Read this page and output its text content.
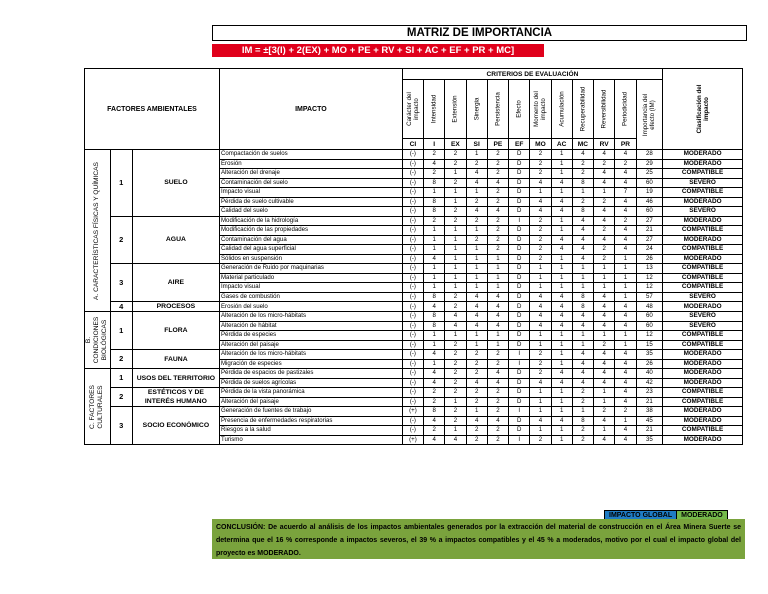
MATRIZ DE IMPORTANCIA
IM = ±[3(I) + 2(EX) + MO + PE + RV + SI + AC + EF + PR + MC]
FACTORES AMBIENTALES			IMPACTO	CRITERIOS DE EVALUACIÓN												Clasificación del impacto

				Carácter del impacto	Intensidad	Extensión	Sinergia	Persistencia	Efecto	Momento del impacto	Acumulación	Recuperabilidad	Reversibilidad	Periodicidad	Importancia del efecto (IM)	

				CI	I	EX	SI	PE	EF	MO	AC	MC	RV	PR		

A. CARACTERÍSTICAS FÍSICAS Y QUÍMICAS	1	SUELO	Compactación de suelos	(-)	2	2	1	2	D	2	1	4	4	4	28	MODERADO
			Erosión	(-)	4	2	2	2	D	2	1	2	2	2	29	MODERADO
			Alteración del drenaje	(-)	2	1	4	2	D	2	1	2	4	4	25	COMPATIBLE
			Contaminación del suelo	(-)	8	2	4	4	D	4	4	8	4	4	60	SEVERO
			Impacto visual	(-)	1	1	1	2	D	1	1	1	1	7	19	COMPATIBLE
			Pérdida de suelo cultivable	(-)	8	1	2	2	D	4	4	2	2	4	46	MODERADO
			Calidad del suelo	(-)	8	2	4	4	D	4	4	8	4	4	60	SEVERO
	2	AGUA	Modificación de la hidrología	(-)	2	2	2	2	I	2	1	4	4	2	27	MODERADO
			Modificación de las propiedades	(-)	1	1	1	2	D	2	1	4	2	4	21	COMPATIBLE
			Contaminación del agua	(-)	1	1	2	2	D	2	4	4	4	4	27	MODERADO
			Calidad del agua superficial	(-)	1	1	1	2	D	2	4	4	2	4	24	COMPATIBLE
			Sólidos en suspensión	(-)	4	1	1	1	D	2	1	4	2	1	26	MODERADO
	3	AIRE	Generación de Ruido por maquinarias	(-)	1	1	1	1	D	1	1	1	1	1	13	COMPATIBLE
			Material particulado	(-)	1	1	1	1	D	1	1	1	1	1	12	COMPATIBLE
			Impacto visual	(-)	1	1	1	1	D	1	1	1	1	1	12	COMPATIBLE
			Gases de combustión	(-)	8	2	4	4	D	4	4	8	4	1	57	SEVERO
	4	PROCESOS	Erosión del suelo	(-)	4	2	4	4	D	4	4	8	4	4	48	MODERADO

B. CONDICIONES BIOLÓGICAS	1	FLORA	Alteración de los micro-hábitats	(-)	8	4	4	4	D	4	4	4	4	4	60	SEVERO
			Alteración de hábitat	(-)	8	4	4	4	D	4	4	4	4	4	60	SEVERO
			Pérdida de especies	(-)	1	1	1	1	D	1	1	1	1	1	12	COMPATIBLE
			Alteración del paisaje	(-)	1	2	1	1	D	1	1	1	2	1	15	COMPATIBLE
	2	FAUNA	Alteración de los micro-hábitats	(-)	4	2	2	2	I	2	1	4	4	4	35	MODERADO
			Migración de especies	(-)	1	2	2	2	I	2	1	4	4	4	26	MODERADO

C. FACTORES CULTURALES	1	USOS DEL TERRITORIO	Pérdida de espacios de pastizales	(-)	4	2	2	4	D	2	4	4	4	4	40	MODERADO
			Pérdida de suelos agrícolas	(-)	4	2	4	4	D	4	4	4	4	4	42	MODERADO
	2	ESTÉTICOS Y DE INTERÉS HUMANO	Pérdida de la vista panorámica	(-)	2	2	2	2	D	1	1	2	1	4	23	COMPATIBLE
			Alteración del paisaje	(-)	2	1	2	2	D	1	1	2	1	4	21	COMPATIBLE
	3	SOCIO ECONÓMICO	Generación de fuentes de trabajo	(+)	8	2	1	2	I	1	1	1	2	2	38	MODERADO
			Presencia de enfermedades respiratorias	(-)	4	2	4	4	D	4	4	8	4	1	45	MODERADO
			Riesgos a la salud	(-)	2	1	2	2	D	1	1	2	1	4	21	COMPATIBLE
			Turismo	(+)	4	4	2	2	I	2	1	2	4	4	35	MODERADO
IMPACTO GLOBAL MODERADO
CONCLUSIÓN: De acuerdo al análisis de los impactos ambientales generados por la extracción del material de construcción en el Área Minera Suerte se determina que el 16 % corresponde a impactos severos, el 39 % a impactos compatibles y el 45 % a moderados, motivo por el cual el impacto global del proyecto es MODERADO.
